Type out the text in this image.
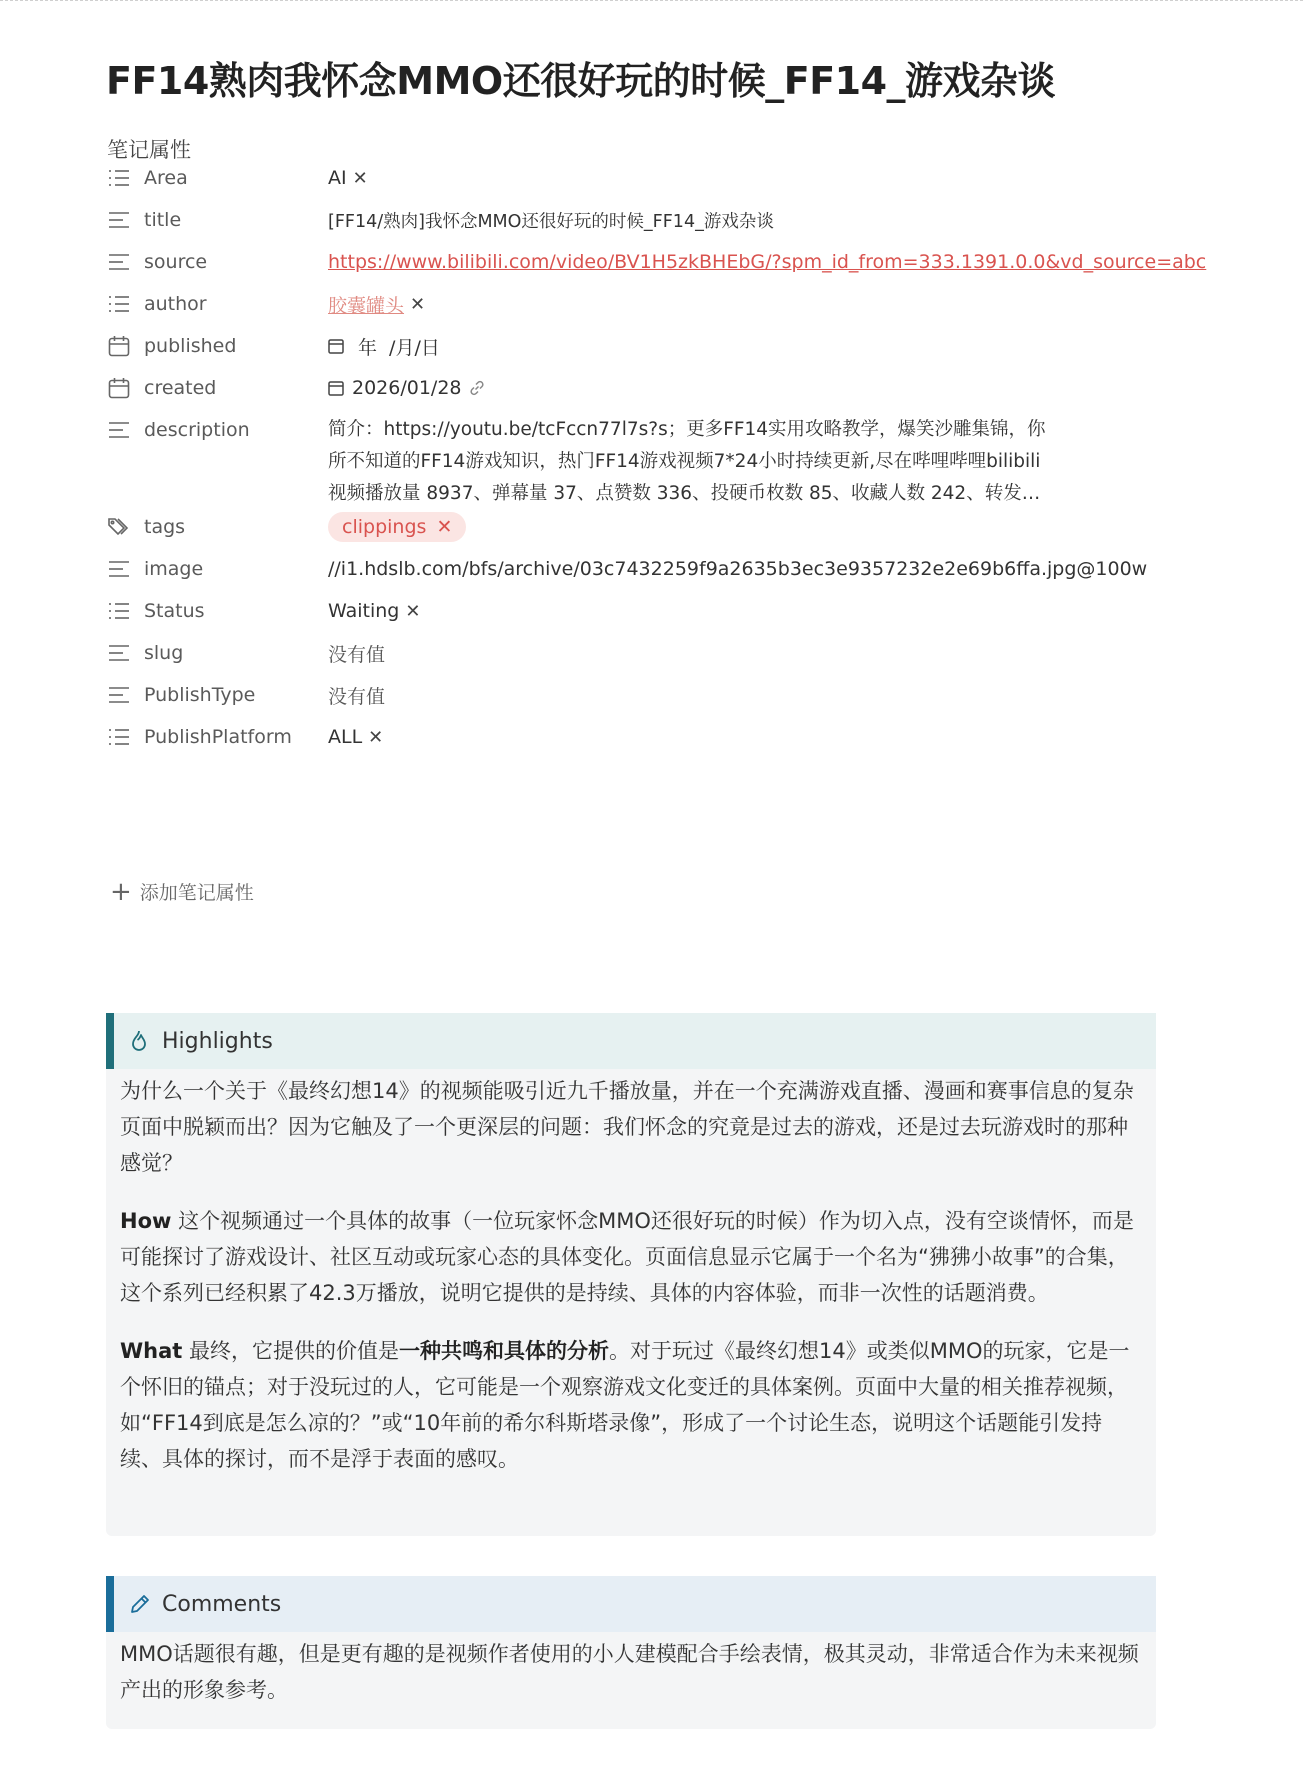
FF14熟肉我怀念MMO还很好玩的时候_FF14_游戏杂谈
笔记属性
Area	AI ✕
title	[FF14/熟肉]我怀念MMO还很好玩的时候_FF14_游戏杂谈
source	https://www.bilibili.com/video/BV1H5zkBHEbG/?spm_id_from=333.1391.0.0&vd_source=abc
author	胶囊罐头 ✕
published	年 /月/日
created	2026/01/28
description	简介：https://youtu.be/tcFccn77l7s?s；更多FF14实用攻略教学，爆笑沙雕集锦，你
所不知道的FF14游戏知识，热门FF14游戏视频7*24小时持续更新,尽在哔哩哔哩bilibili
视频播放量 8937、弹幕量 37、点赞数 336、投硬币枚数 85、收藏人数 242、转发…
tags	clippings ✕
image	//i1.hdslb.com/bfs/archive/03c7432259f9a2635b3ec3e9357232e2e69b6ffa.jpg@100w
Status	Waiting ✕
slug	没有值
PublishType	没有值
PublishPlatform ALL ✕
+ 添加笔记属性
Highlights

为什么一个关于《最终幻想14》的视频能吸引近九千播放量，并在一个充满游戏直播、漫画和赛事信息的复杂页面中脱颖而出？因为它触及了一个更深层的问题：我们怀念的究竟是过去的游戏，还是过去玩游戏时的那种感觉？

How 这个视频通过一个具体的故事（一位玩家怀念MMO还很好玩的时候）作为切入点，没有空谈情怀，而是可能探讨了游戏设计、社区互动或玩家心态的具体变化。页面信息显示它属于一个名为“狒狒小故事”的合集，这个系列已经积累了42.3万播放，说明它提供的是持续、具体的内容体验，而非一次性的话题消费。

What 最终，它提供的价值是一种共鸣和具体的分析。对于玩过《最终幻想14》或类似MMO的玩家，它是一个怀旧的锚点；对于没玩过的人，它可能是一个观察游戏文化变迁的具体案例。页面中大量的相关推荐视频，如“FF14到底是怎么凉的？”或“10年前的希尔科斯塔录像”，形成了一个讨论生态，说明这个话题能引发持续、具体的探讨，而不是浮于表面的感叹。

Comments

MMO话题很有趣，但是更有趣的是视频作者使用的小人建模配合手绘表情，极其灵动，非常适合作为未来视频产出的形象参考。
